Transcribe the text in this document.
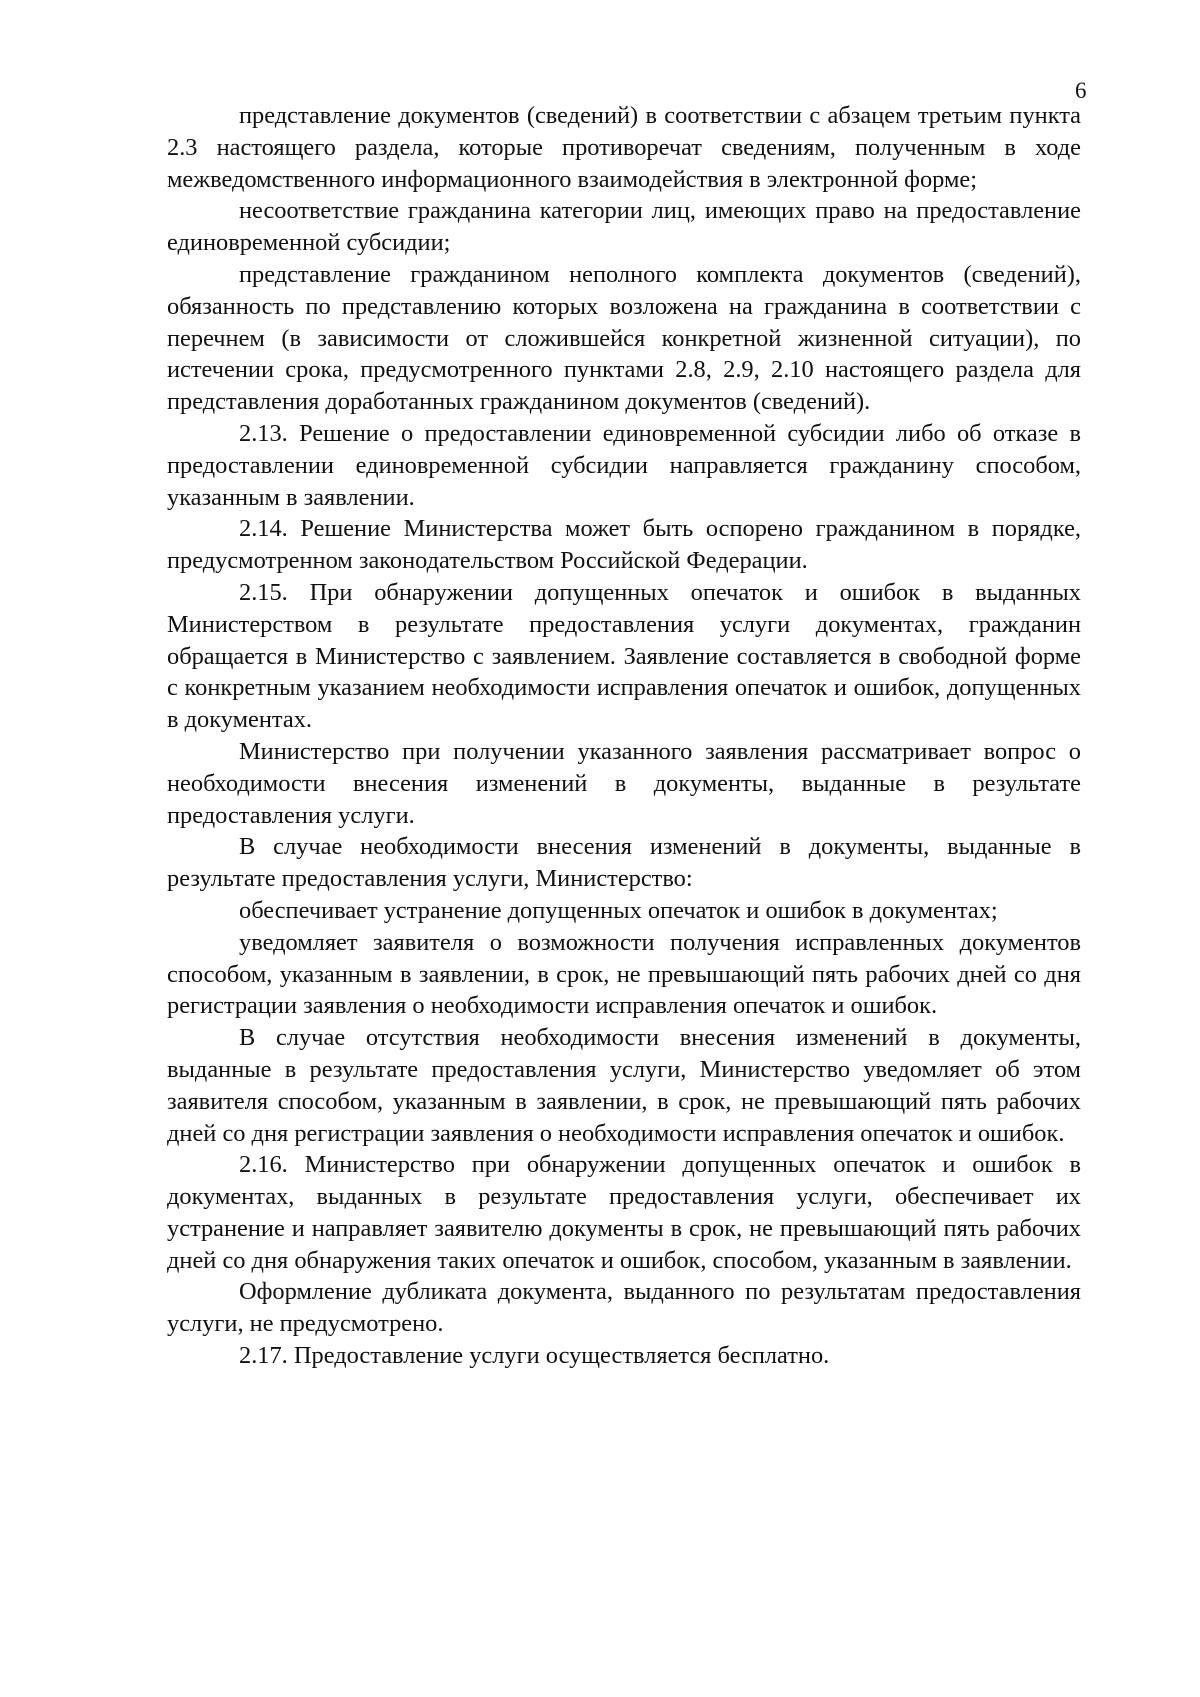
6

представление документов (сведений) в соответствии с абзацем третьим пункта 2.3 настоящего раздела, которые противоречат сведениям, полученным в ходе межведомственного информационного взаимодействия в электронной форме;

несоответствие гражданина категории лиц, имеющих право на предоставление единовременной субсидии;

представление гражданином неполного комплекта документов (сведений), обязанность по представлению которых возложена на гражданина в соответствии с перечнем (в зависимости от сложившейся конкретной жизненной ситуации), по истечении срока, предусмотренного пунктами 2.8, 2.9, 2.10 настоящего раздела для представления доработанных гражданином документов (сведений).

2.13. Решение о предоставлении единовременной субсидии либо об отказе в предоставлении единовременной субсидии направляется гражданину способом, указанным в заявлении.

2.14. Решение Министерства может быть оспорено гражданином в порядке, предусмотренном законодательством Российской Федерации.

2.15. При обнаружении допущенных опечаток и ошибок в выданных Министерством в результате предоставления услуги документах, гражданин обращается в Министерство с заявлением. Заявление составляется в свободной форме с конкретным указанием необходимости исправления опечаток и ошибок, допущенных в документах.

Министерство при получении указанного заявления рассматривает вопрос о необходимости внесения изменений в документы, выданные в результате предоставления услуги.

В случае необходимости внесения изменений в документы, выданные в результате предоставления услуги, Министерство:

обеспечивает устранение допущенных опечаток и ошибок в документах;

уведомляет заявителя о возможности получения исправленных документов способом, указанным в заявлении, в срок, не превышающий пять рабочих дней со дня регистрации заявления о необходимости исправления опечаток и ошибок.

В случае отсутствия необходимости внесения изменений в документы, выданные в результате предоставления услуги, Министерство уведомляет об этом заявителя способом, указанным в заявлении, в срок, не превышающий пять рабочих дней со дня регистрации заявления о необходимости исправления опечаток и ошибок.

2.16. Министерство при обнаружении допущенных опечаток и ошибок в документах, выданных в результате предоставления услуги, обеспечивает их устранение и направляет заявителю документы в срок, не превышающий пять рабочих дней со дня обнаружения таких опечаток и ошибок, способом, указанным в заявлении.

Оформление дубликата документа, выданного по результатам предоставления услуги, не предусмотрено.

2.17. Предоставление услуги осуществляется бесплатно.
